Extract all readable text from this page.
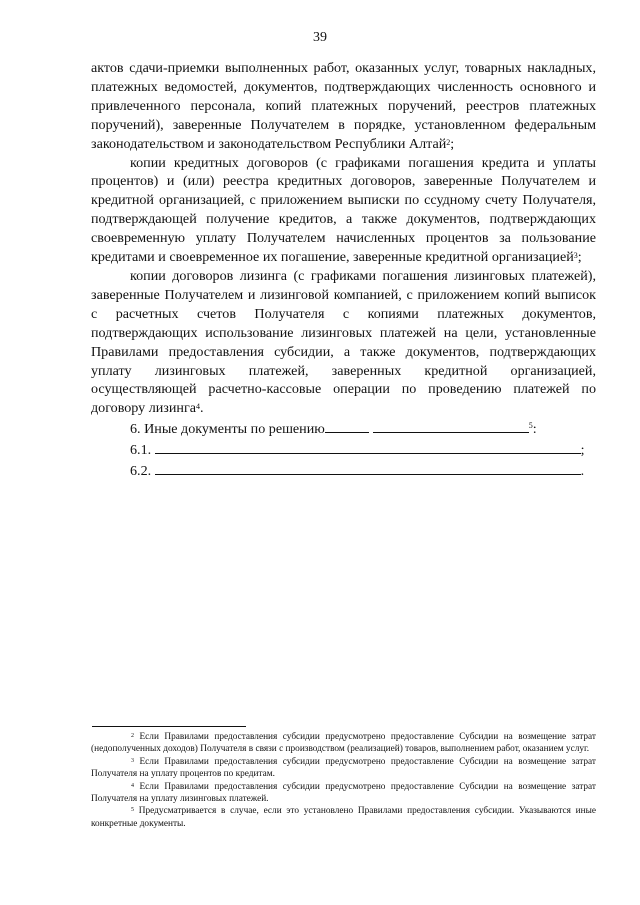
39

актов сдачи-приемки выполненных работ, оказанных услуг, товарных накладных, платежных ведомостей, документов, подтверждающих численность основного и привлеченного персонала, копий платежных поручений, реестров платежных поручений), заверенные Получателем в порядке, установленном федеральным законодательством и законодательством Республики Алтай$^2$;

копии кредитных договоров (с графиками погашения кредита и уплаты процентов) и (или) реестра кредитных договоров, заверенные Получателем и кредитной организацией, с приложением выписки по ссудному счету Получателя, подтверждающей получение кредитов, а также документов, подтверждающих своевременную уплату Получателем начисленных процентов за пользование кредитами и своевременное их погашение, заверенные кредитной организацией$^3$;

копии договоров лизинга (с графиками погашения лизинговых платежей), заверенные Получателем и лизинговой компанией, с приложением копий выписок с расчетных счетов Получателя с копиями платежных документов, подтверждающих использование лизинговых платежей на цели, установленные Правилами предоставления субсидии, а также документов, подтверждающих уплату лизинговых платежей, заверенных кредитной организацией, осуществляющей расчетно-кассовые операции по проведению платежей по договору лизинга$^4$.

6. Иные документы по решению	$^5$:

6.1.	;

6.2.	.

$^2$ Если Правилами предоставления субсидии предусмотрено предоставление Субсидии на возмещение затрат (недополученных доходов) Получателя в связи с производством (реализацией) товаров, выполнением работ, оказанием услуг.

$^3$ Если Правилами предоставления субсидии предусмотрено предоставление Субсидии на возмещение затрат Получателя на уплату процентов по кредитам.

$^4$ Если Правилами предоставления субсидии предусмотрено предоставление Субсидии на возмещение затрат Получателя на уплату лизинговых платежей.

$^5$ Предусматривается в случае, если это установлено Правилами предоставления субсидии. Указываются иные конкретные документы.
